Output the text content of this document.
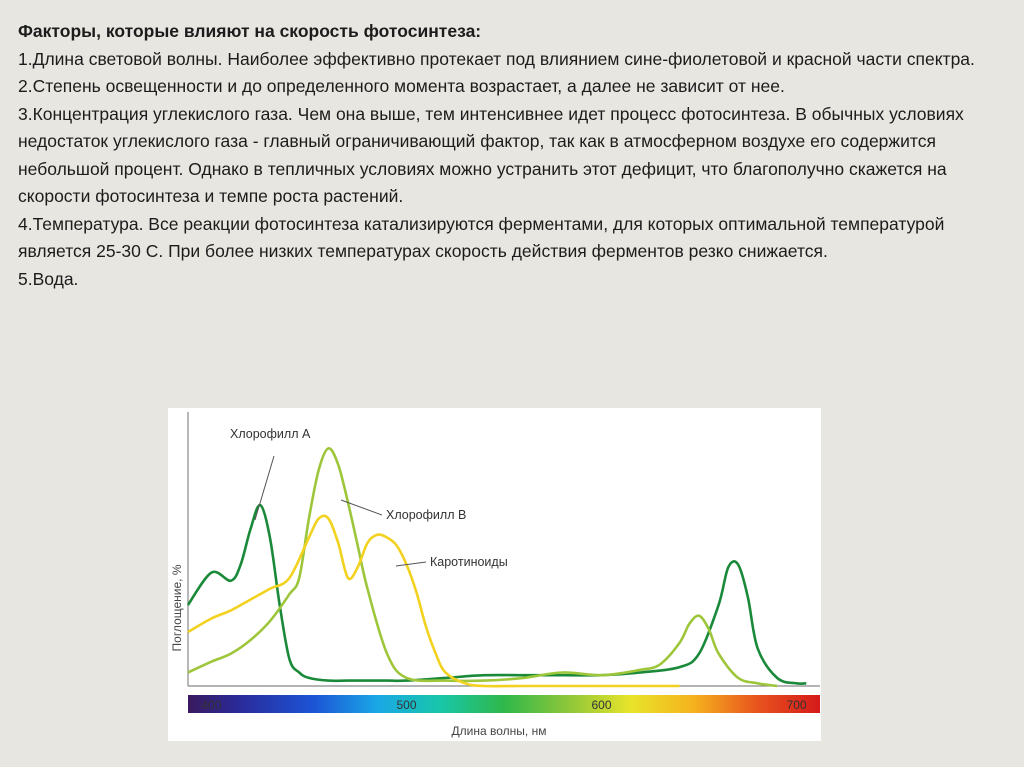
Факторы, которые влияют на скорость фотосинтеза:

1.Длина световой волны. Наиболее эффективно протекает под влиянием сине-фиолетовой и красной части спектра.

2.Степень освещенности и до определенного момента возрастает, а далее не зависит от нее.

3.Концентрация углекислого газа. Чем она выше, тем интенсивнее идет процесс фотосинтеза. В обычных условиях недостаток углекислого газа - главный ограничивающий фактор, так как в атмосферном воздухе его содержится небольшой процент. Однако в тепличных условиях можно устранить этот дефицит, что благополучно скажется на скорости фотосинтеза и темпе роста растений.

4.Температура. Все реакции фотосинтеза катализируются ферментами, для которых оптимальной температурой является 25-30 С. При более низких температурах скорость действия ферментов резко снижается.

5.Вода.

400	500	600	700
Хлорофилл А
Хлорофилл В
Каротиноиды
Поглощение, %
Длина волны, нм
